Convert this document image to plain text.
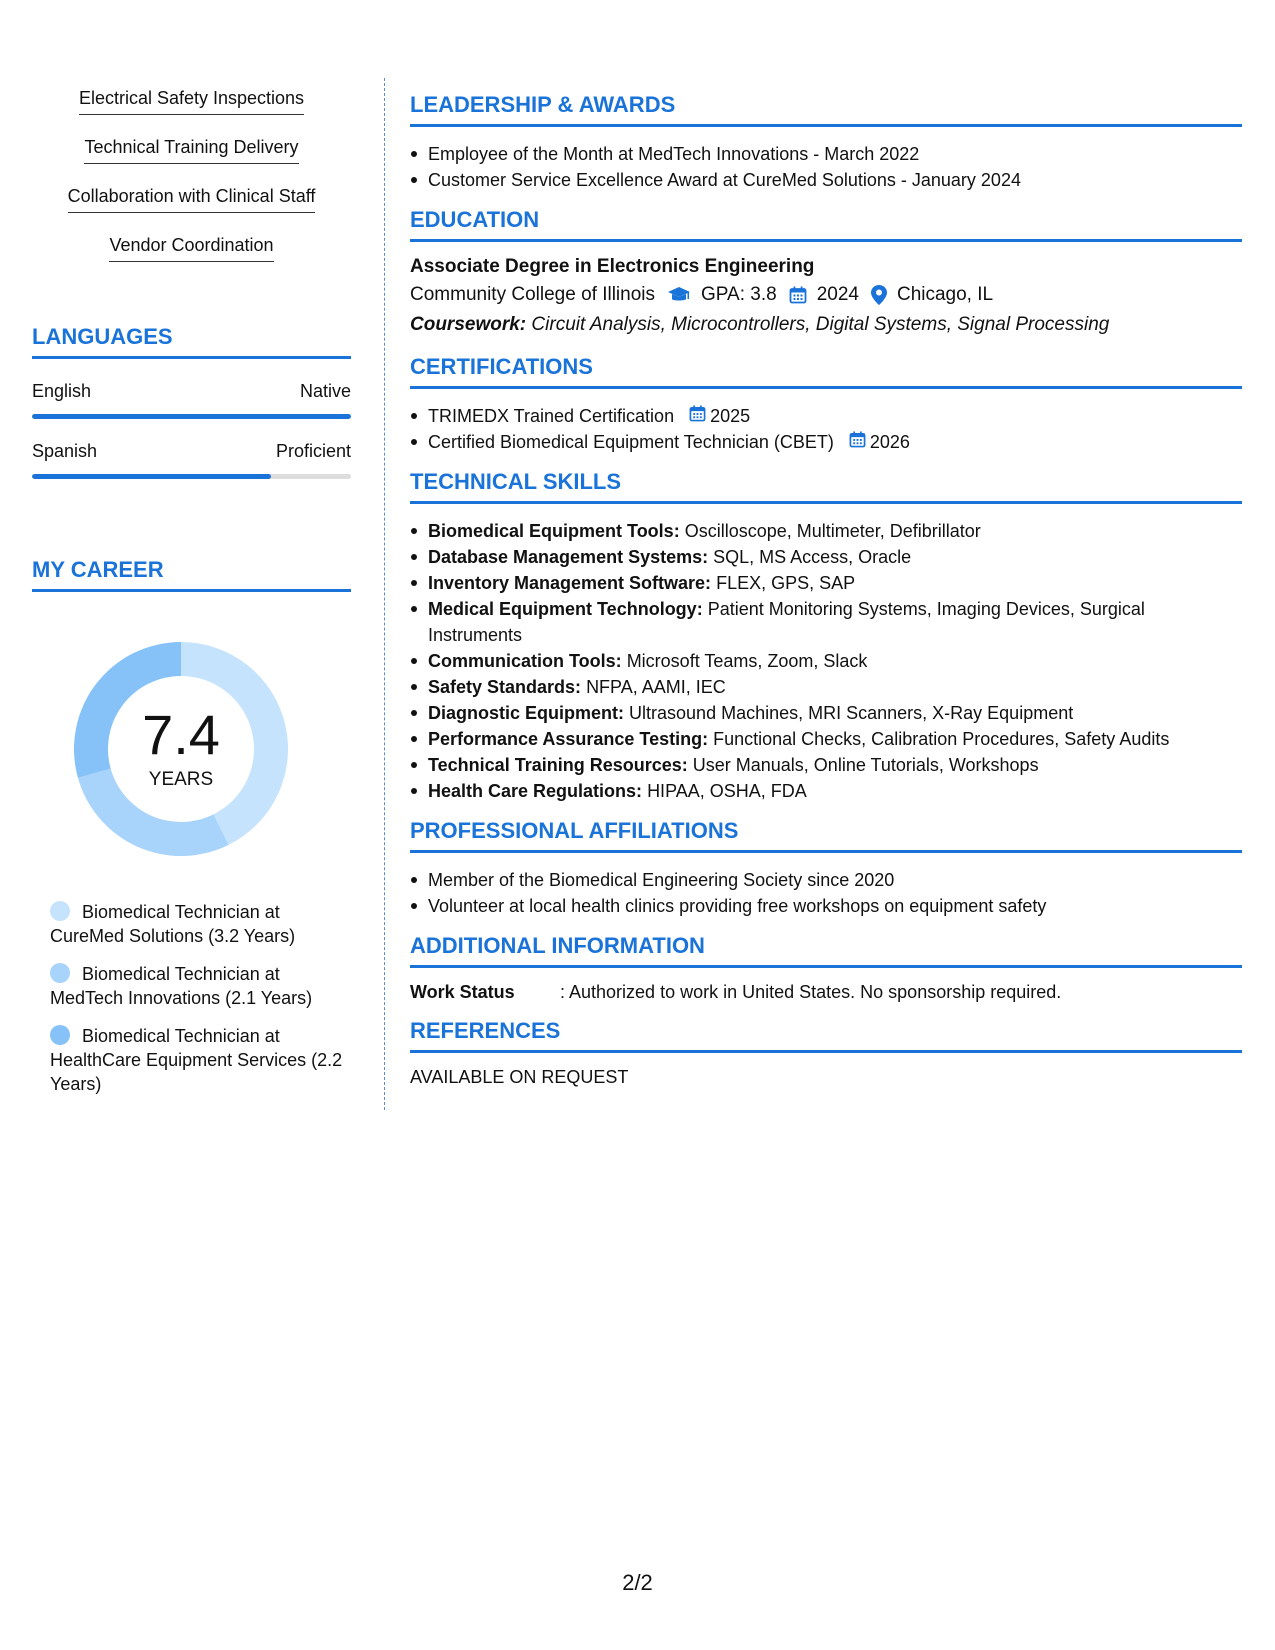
Electrical Safety Inspections
Technical Training Delivery
Collaboration with Clinical Staff
Vendor Coordination
LANGUAGES
English	Native
Spanish	Proficient
MY CAREER
7.4
YEARS
Biomedical Technician at CureMed Solutions (3.2 Years)
Biomedical Technician at MedTech Innovations (2.1 Years)
Biomedical Technician at HealthCare Equipment Services (2.2 Years)
LEADERSHIP & AWARDS
Employee of the Month at MedTech Innovations - March 2022
Customer Service Excellence Award at CureMed Solutions - January 2024
EDUCATION
Associate Degree in Electronics Engineering
Community College of Illinois GPA: 3.8 2024 Chicago, IL
Coursework: Circuit Analysis, Microcontrollers, Digital Systems, Signal Processing
CERTIFICATIONS
TRIMEDX Trained Certification 2025
Certified Biomedical Equipment Technician (CBET) 2026
TECHNICAL SKILLS
Biomedical Equipment Tools: Oscilloscope, Multimeter, Defibrillator
Database Management Systems: SQL, MS Access, Oracle
Inventory Management Software: FLEX, GPS, SAP
Medical Equipment Technology: Patient Monitoring Systems, Imaging Devices, Surgical Instruments
Communication Tools: Microsoft Teams, Zoom, Slack
Safety Standards: NFPA, AAMI, IEC
Diagnostic Equipment: Ultrasound Machines, MRI Scanners, X-Ray Equipment
Performance Assurance Testing: Functional Checks, Calibration Procedures, Safety Audits
Technical Training Resources: User Manuals, Online Tutorials, Workshops
Health Care Regulations: HIPAA, OSHA, FDA
PROFESSIONAL AFFILIATIONS
Member of the Biomedical Engineering Society since 2020
Volunteer at local health clinics providing free workshops on equipment safety
ADDITIONAL INFORMATION
Work Status	: Authorized to work in United States. No sponsorship required.
REFERENCES
AVAILABLE ON REQUEST
2/2
